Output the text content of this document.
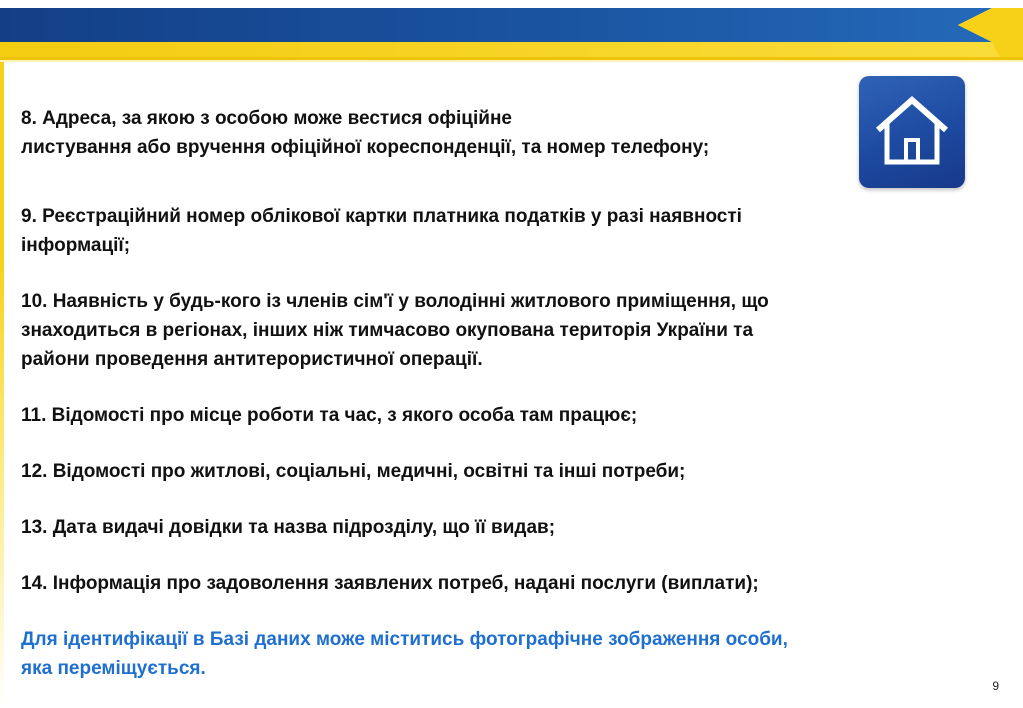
8. Адреса, за якою з особою може вестися офіційне
листування або вручення офіційної кореспонденції, та номер телефону;
9. Реєстраційний номер облікової картки платника податків у разі наявності
інформації;
10. Наявність у будь-кого із членів сім'ї у володінні житлового приміщення, що
знаходиться в регіонах, інших ніж тимчасово окупована територія України та
райони проведення антитерористичної операції.
11. Відомості про місце роботи та час, з якого особа там працює;
12. Відомості про житлові, соціальні, медичні, освітні та інші потреби;
13. Дата видачі довідки та назва підрозділу, що її видав;
14. Інформація про задоволення заявлених потреб, надані послуги (виплати);
Для ідентифікації в Базі даних може міститись фотографічне зображення особи,
яка переміщується.
9
